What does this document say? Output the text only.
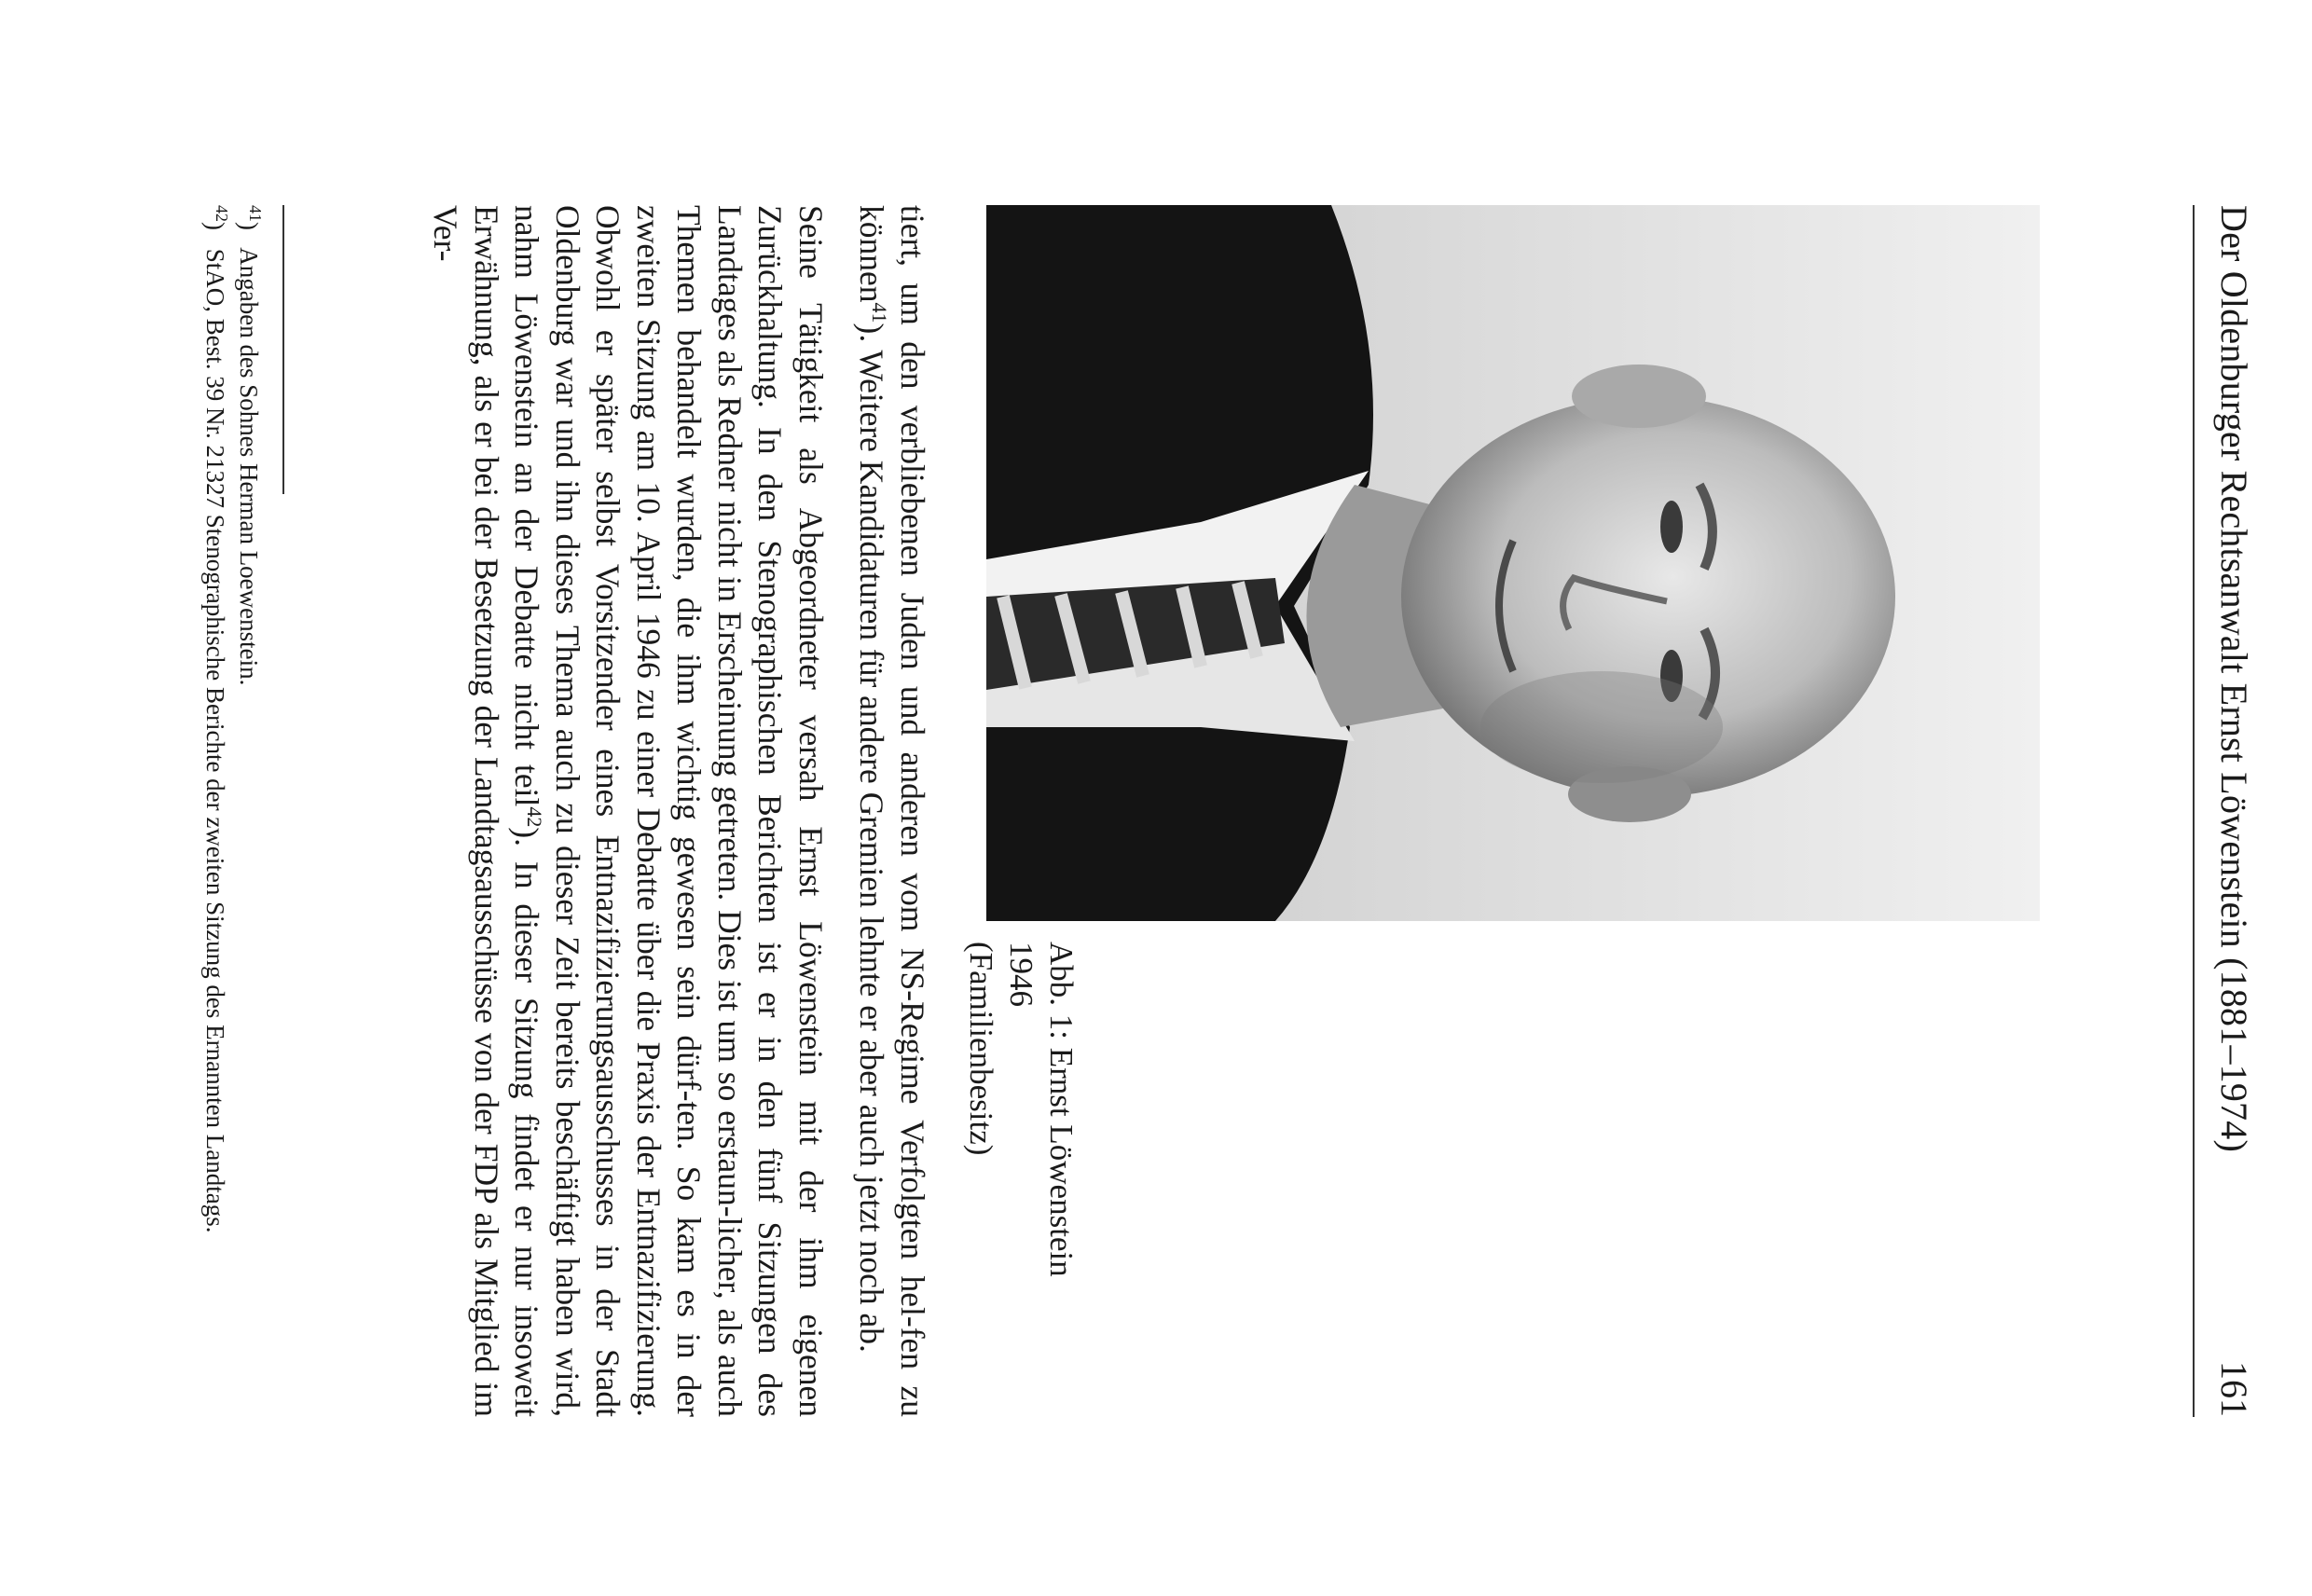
Der Oldenburger Rechtsanwalt Ernst Löwenstein (1881–1974)
161
Abb. 1: Ernst Löwenstein 1946
(Familienbesitz)

tiert, um den verbliebenen Juden und anderen vom NS-Regime Verfolgten hel-fen zu können$^{41}$). Weitere Kandidaturen für andere Gremien lehnte er aber auch jetzt noch ab.

Seine Tätigkeit als Abgeordneter versah Ernst Löwenstein mit der ihm eigenen Zurückhaltung. In den Stenographischen Berichten ist er in den fünf Sitzungen des Landtages als Redner nicht in Erscheinung getreten. Dies ist um so erstaun-licher, als auch Themen behandelt wurden, die ihm wichtig gewesen sein dürf-ten. So kam es in der zweiten Sitzung am 10. April 1946 zu einer Debatte über die Praxis der Entnazifizierung. Obwohl er später selbst Vorsitzender eines Entnazifizierungsausschusses in der Stadt Oldenburg war und ihn dieses Thema auch zu dieser Zeit bereits beschäftigt haben wird, nahm Löwenstein an der Debatte nicht teil$^{42}$). In dieser Sitzung findet er nur insoweit Erwähnung, als er bei der Besetzung der Landtagsausschüsse von der FDP als Mitglied im Ver-

$^{41}$) Angaben des Sohnes Herman Loewenstein.
$^{42}$) StAO, Best. 39 Nr. 21327 Stenographische Berichte der zweiten Sitzung des Ernannten Landtags.
